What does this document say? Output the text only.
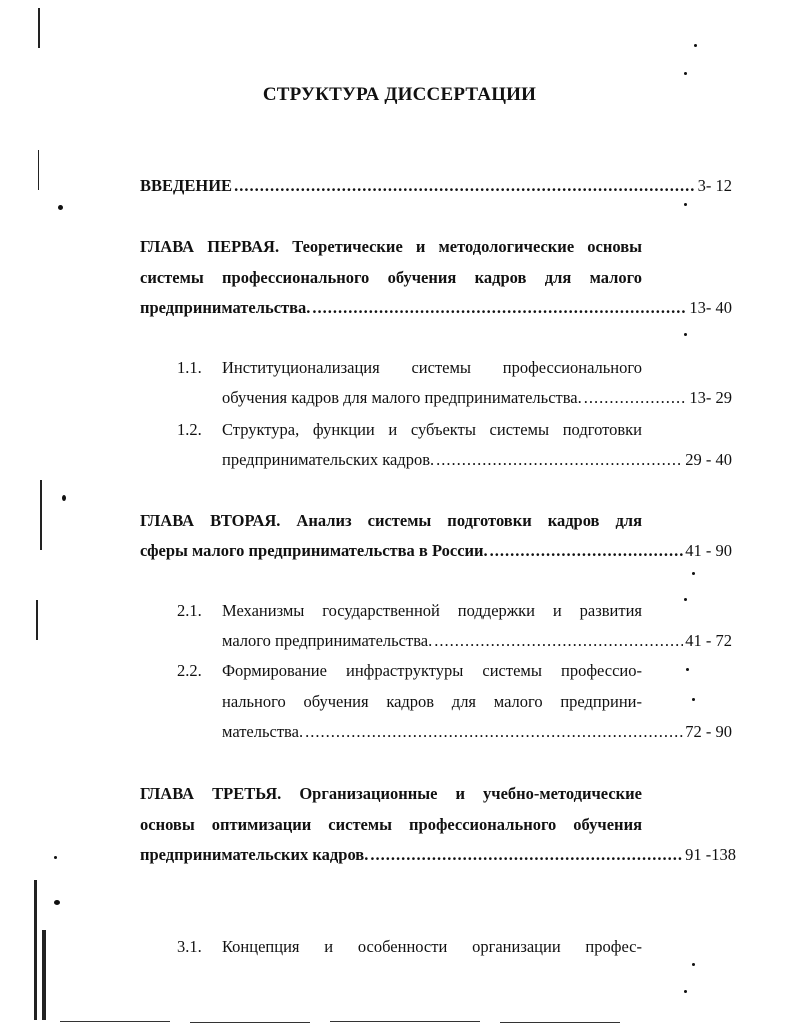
СТРУКТУРА ДИССЕРТАЦИИ
ВВЕДЕНИЕ .....	3- 12
ГЛАВА ПЕРВАЯ. Теоретические и методологические основы
системы профессионального обучения кадров для малого
предпринимательства. .....	13- 40
1.1. Институционализация системы профессионального
обучения кадров для малого предпринимательства. .....	13- 29
1.2. Структура, функции и субъекты системы подготовки
предпринимательских кадров. .....	29 - 40
ГЛАВА ВТОРАЯ. Анализ системы подготовки кадров для
сферы малого предпринимательства в России. .....	41 - 90
2.1. Механизмы государственной поддержки и развития
малого предпринимательства. .....	41 - 72
2.2. Формирование инфраструктуры системы профессио-
нального обучения кадров для малого предприни-
мательства. .....	72 - 90
ГЛАВА ТРЕТЬЯ. Организационные и учебно-методические
основы оптимизации системы профессионального обучения
предпринимательских кадров. .....	91 -138
3.1. Концепция и особенности организации профес-
